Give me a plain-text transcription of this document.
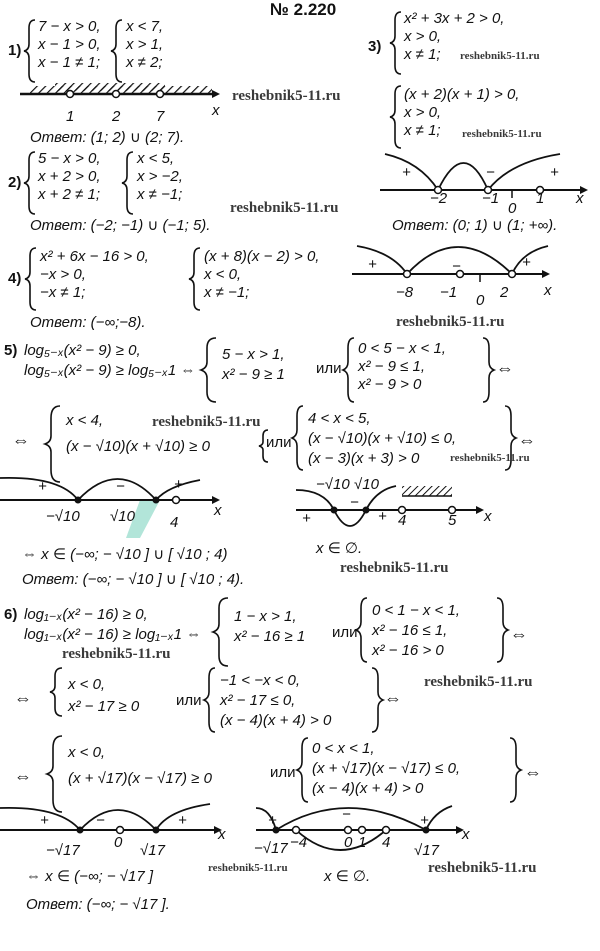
№ 2.220
1)
7 − x > 0,
x − 1 > 0,
x − 1 ≠ 1;
x < 7,
x > 1,
x ≠ 2;
1	2 7	x
reshebnik5-11.ru
Ответ: (1; 2) ∪ (2; 7).
2)
5 − x > 0,
x + 2 > 0,
x + 2 ≠ 1;
x < 5,
x > −2,
x ≠ −1;
reshebnik5-11.ru
Ответ: (−2; −1) ∪ (−1; 5).
3)
x² + 3x + 2 > 0,
x > 0,
x ≠ 1; reshebnik5-11.ru
(x + 2)(x + 1) > 0,
x > 0,
x ≠ 1; reshebnik5-11.ru
+	−	+
−2 −1
0
1 x
Ответ: (0; 1) ∪ (1; +∞).
4)
x² + 6x − 16 > 0,
−x > 0,
−x ≠ 1;
(x + 8)(x − 2) > 0,
x < 0,
x ≠ −1;
+	−	+
−8 −1 0 2 x
Ответ: (−∞;−8).	reshebnik5-11.ru
5) log₅₋ₓ(x² − 9) ≥ 0,
log₅₋ₓ(x² − 9) ≥ log₅₋ₓ1 ⇔
5 − x > 1,
x² − 9 ≥ 1 или
0 < 5 − x < 1,
x² − 9 ≤ 1,
x² − 9 > 0
⇔
⇔
x < 4,
(x − √10)(x + √10) ≥ 0
reshebnik5-11.ru
или
4 < x < 5,
(x − √10)(x + √10) ≤ 0,
(x − 3)(x + 3) > 0	reshebnik5-11.ru
⇔
+	−	+
−√10 √10 4
x
−√10 √10
+
−
+ 4	5 x
⇔ x ∈ (−∞; − √10 ] ∪ [ √10 ; 4)	x ∈ ∅.
Ответ: (−∞; − √10 ] ∪ [ √10 ; 4).
reshebnik5-11.ru
6) log₁₋ₓ(x² − 16) ≥ 0,
log₁₋ₓ(x² − 16) ≥ log₁₋ₓ1 ⇔
reshebnik5-11.ru
1 − x > 1,
x² − 16 ≥ 1 или
0 < 1 − x < 1,
x² − 16 ≤ 1,
x² − 16 > 0
⇔
⇔
x < 0,
x² − 17 ≥ 0 или
−1 < −x < 0,
x² − 17 ≤ 0,
(x − 4)(x + 4) > 0
⇔
reshebnik5-11.ru
⇔
x < 0,
(x + √17)(x − √17) ≥ 0	или
0 < x < 1,
(x + √17)(x − √17) ≤ 0,
(x − 4)(x + 4) > 0
⇔
+	−	+
−√17 0 √17
x
+	−	+
−√17 −4 0 1 4 √17
x
reshebnik5-11.ru	reshebnik5-11.ru
⇔ x ∈ (−∞; − √17 ]	x ∈ ∅.
Ответ: (−∞; − √17 ].
